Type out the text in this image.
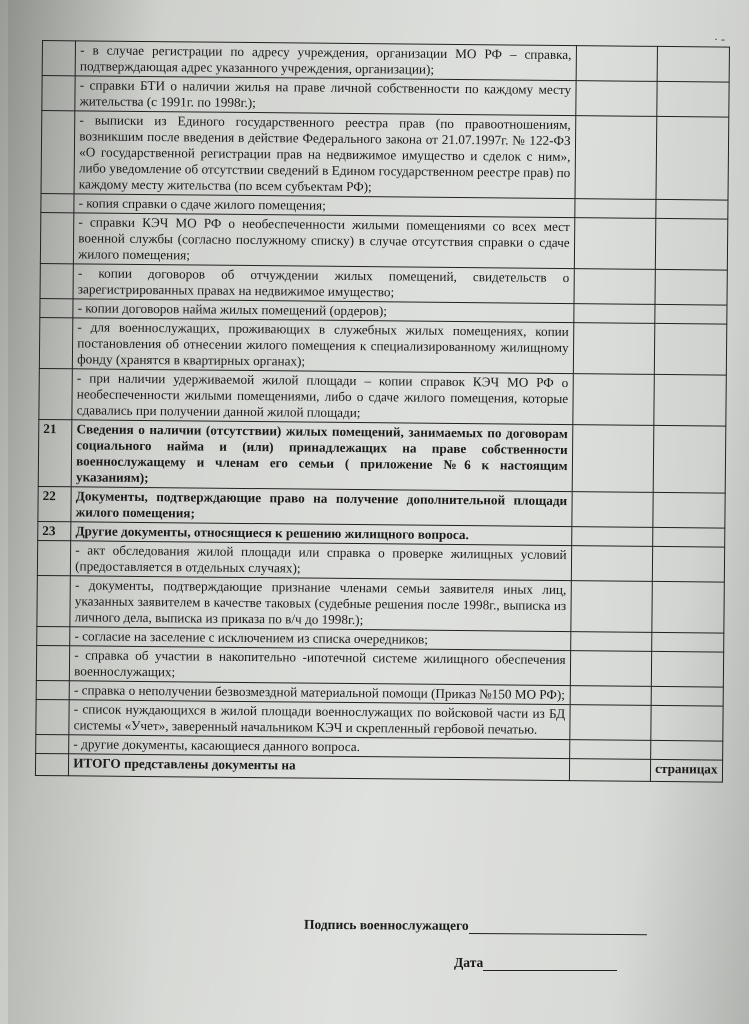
· -
	- в случае регистрации по адресу учреждения, организации МО РФ – справка, подтверждающая адрес указанного учреждения, организации);		
	- справки БТИ о наличии жилья на праве личной собственности по каждому месту жительства (с 1991г. по 1998г.);		
	- выписки из Единого государственного реестра прав (по правоотношениям, возникшим после введения в действие Федерального закона от 21.07.1997г. № 122-ФЗ «О государственной регистрации прав на недвижимое имущество и сделок с ним», либо уведомление об отсутствии сведений в Едином государственном реестре прав) по каждому месту жительства (по всем субъектам РФ);		
	- копия справки о сдаче жилого помещения;		
	- справки КЭЧ МО РФ о необеспеченности жилыми помещениями со всех мест военной службы (согласно послужному списку) в случае отсутствия справки о сдаче жилого помещения;		
	- копии договоров об отчуждении жилых помещений, свидетельств о зарегистрированных правах на недвижимое имущество;		
	- копии договоров найма жилых помещений (ордеров);		
	- для военнослужащих, проживающих в служебных жилых помещениях, копии постановления об отнесении жилого помещения к специализированному жилищному фонду (хранятся в квартирных органах);		
	- при наличии удерживаемой жилой площади – копии справок КЭЧ МО РФ о необеспеченности жилыми помещениями, либо о сдаче жилого помещения, которые сдавались при получении данной жилой площади;		
21	Сведения о наличии (отсутствии) жилых помещений, занимаемых по договорам социального найма и (или) принадлежащих на праве собственности военнослужащему и членам его семьи ( приложение №6 к настоящим указаниям);		
22	Документы, подтверждающие право на получение дополнительной площади жилого помещения;		
23	Другие документы, относящиеся к решению жилищного вопроса.		
	- акт обследования жилой площади или справка о проверке жилищных условий (предоставляется в отдельных случаях);		
	- документы, подтверждающие признание членами семьи заявителя иных лиц, указанных заявителем в качестве таковых (судебные решения после 1998г., выписка из личного дела, выписка из приказа по в/ч до 1998г.);		
	- согласие на заселение с исключением из списка очередников;		
	- справка об участии в накопительно -ипотечной системе жилищного обеспечения военнослужащих;		
	- справка о неполучении безвозмездной материальной помощи (Приказ №150 МО РФ);		
	- список нуждающихся в жилой площади военнослужащих по войсковой части из БД системы «Учет», заверенный начальником КЭЧ и скрепленный гербовой печатью.		
	- другие документы, касающиеся данного вопроса.		
	ИТОГО представлены документы на		страницах
Подпись военнослужащего
Дата
